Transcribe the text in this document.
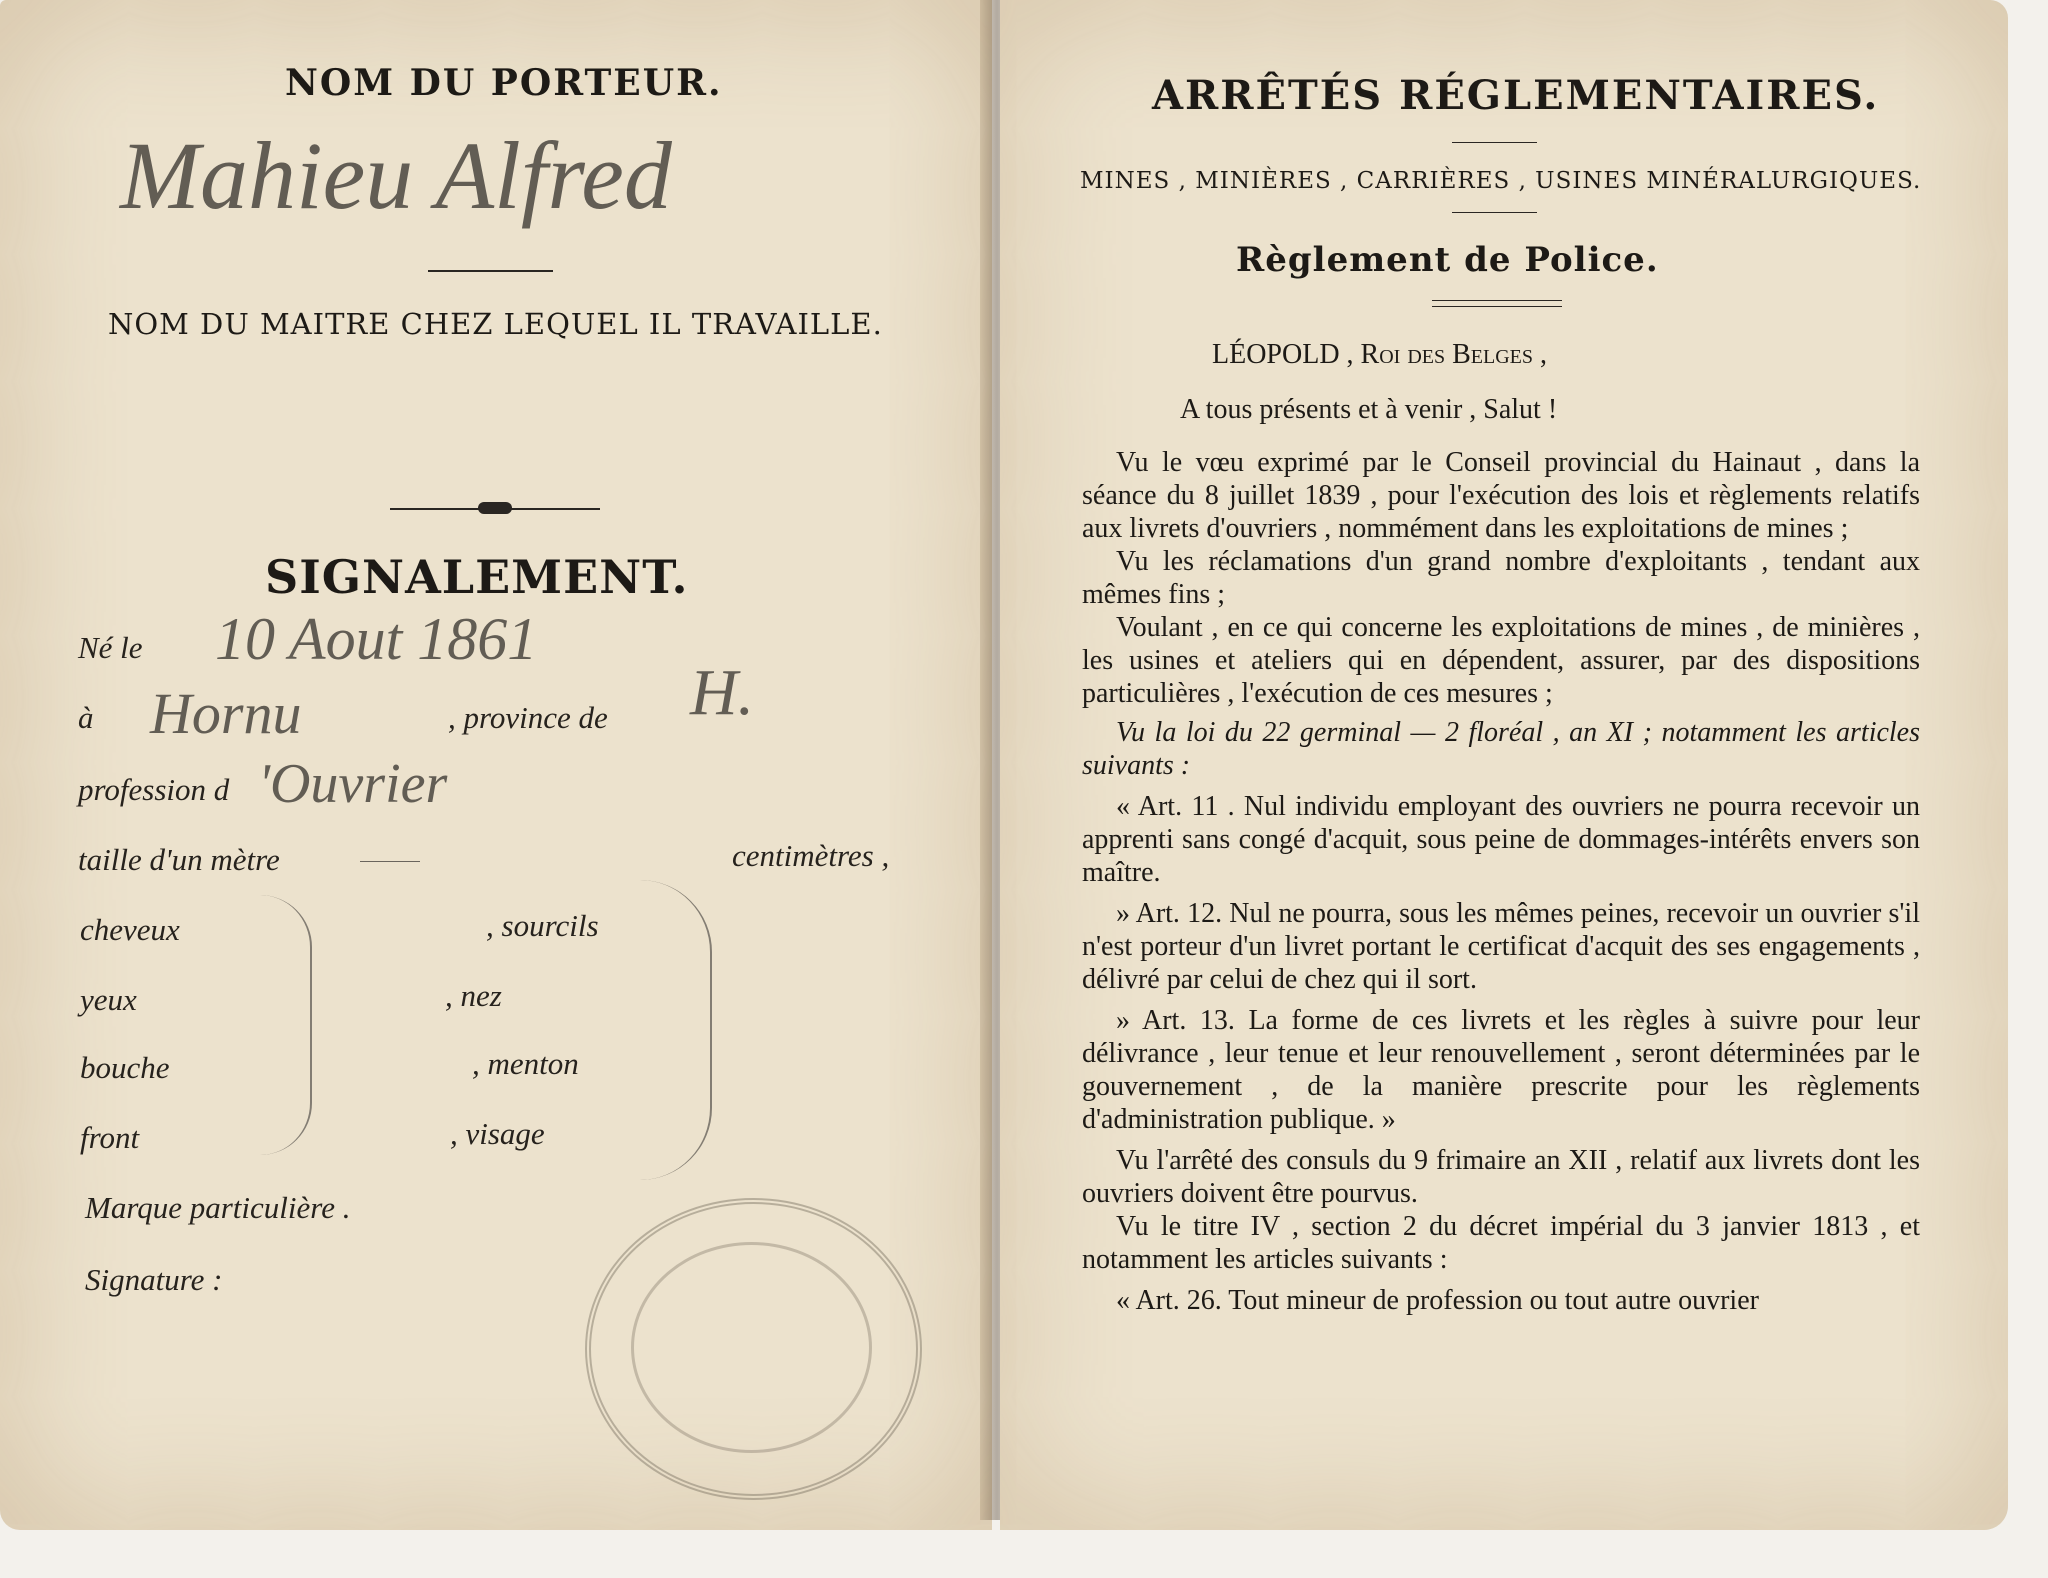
NOM DU PORTEUR.
Mahieu Alfred
NOM DU MAITRE CHEZ LEQUEL IL TRAVAILLE.
SIGNALEMENT.
Né le 10 Aout 1861
à Hornu	, province de H.
profession d 'Ouvrier
taille d'un mètre	centimètres ,
cheveux	, sourcils
yeux	, nez
bouche	, menton
front	, visage
Marque particulière .
Signature :
ARRÊTÉS RÉGLEMENTAIRES.
MINES , MINIÈRES , CARRIÈRES , USINES MINÉRALURGIQUES.
Règlement de Police.
LÉOPOLD , Roi des Belges ,
A tous présents et à venir , Salut !

Vu le vœu exprimé par le Conseil provincial du Hainaut , dans la séance du 8 juillet 1839 , pour l'exécution des lois et règlements relatifs aux livrets d'ouvriers , nommément dans les exploitations de mines ;

Vu les réclamations d'un grand nombre d'exploitants , tendant aux mêmes fins ;

Voulant , en ce qui concerne les exploitations de mines , de minières , les usines et ateliers qui en dépendent, assurer, par des dispositions particulières , l'exécution de ces mesures ;

Vu la loi du 22 germinal — 2 floréal , an XI ; notamment les articles suivants :

« Art. 11 . Nul individu employant des ouvriers ne pourra recevoir un apprenti sans congé d'acquit, sous peine de dommages-intérêts envers son maître.

» Art. 12. Nul ne pourra, sous les mêmes peines, recevoir un ouvrier s'il n'est porteur d'un livret portant le certificat d'acquit des ses engagements , délivré par celui de chez qui il sort.

» Art. 13. La forme de ces livrets et les règles à suivre pour leur délivrance , leur tenue et leur renouvellement , seront déterminées par le gouvernement , de la manière prescrite pour les règlements d'administration publique. »

Vu l'arrêté des consuls du 9 frimaire an XII , relatif aux livrets dont les ouvriers doivent être pourvus.

Vu le titre IV , section 2 du décret impérial du 3 janvier 1813 , et notamment les articles suivants :

« Art. 26. Tout mineur de profession ou tout autre ouvrier
